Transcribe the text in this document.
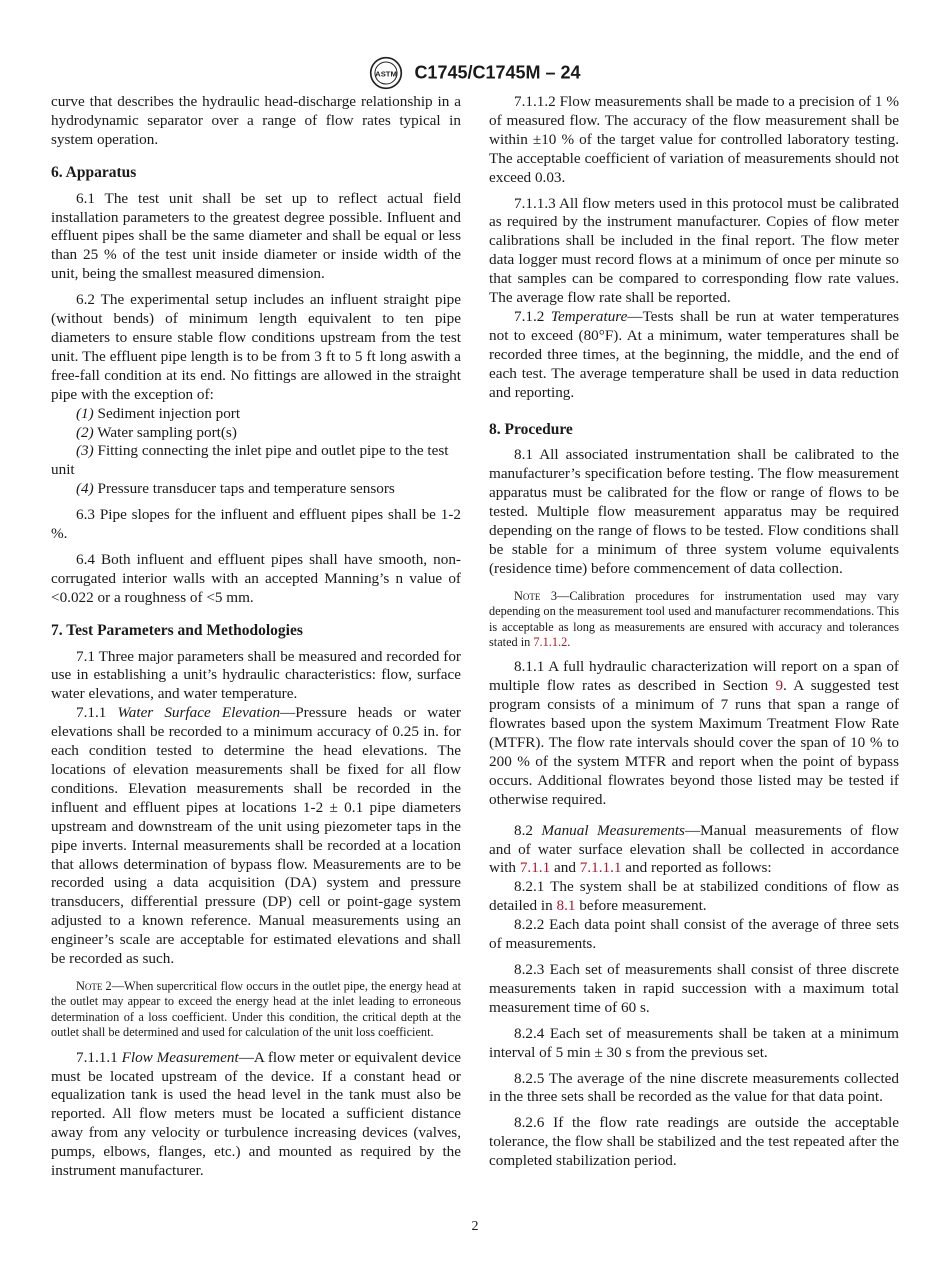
ASTM C1745/C1745M – 24

curve that describes the hydraulic head-discharge relationship in a hydrodynamic separator over a range of flow rates typical in system operation.

6. Apparatus

6.1 The test unit shall be set up to reflect actual field installation parameters to the greatest degree possible. Influent and effluent pipes shall be the same diameter and shall be equal or less than 25 % of the test unit inside diameter or inside width of the unit, being the smallest measured dimension.

6.2 The experimental setup includes an influent straight pipe (without bends) of minimum length equivalent to ten pipe diameters to ensure stable flow conditions upstream from the test unit. The effluent pipe length is to be from 3 ft to 5 ft long aswith a free-fall condition at its end. No fittings are allowed in the straight pipe with the exception of:

(1) Sediment injection port
(2) Water sampling port(s)
(3) Fitting connecting the inlet pipe and outlet pipe to the test unit
(4) Pressure transducer taps and temperature sensors

6.3 Pipe slopes for the influent and effluent pipes shall be 1-2 %.

6.4 Both influent and effluent pipes shall have smooth, non-corrugated interior walls with an accepted Manning’s n value of <0.022 or a roughness of <5 mm.

7. Test Parameters and Methodologies

7.1 Three major parameters shall be measured and recorded for use in establishing a unit’s hydraulic characteristics: flow, surface water elevations, and water temperature.

7.1.1 Water Surface Elevation—Pressure heads or water elevations shall be recorded to a minimum accuracy of 0.25 in. for each condition tested to determine the head elevations. The locations of elevation measurements shall be fixed for all flow conditions. Elevation measurements shall be recorded in the influent and effluent pipes at locations 1-2 ± 0.1 pipe diameters upstream and downstream of the unit using piezometer taps in the pipe inverts. Internal measurements shall be recorded at a location that allows determination of bypass flow. Measurements are to be recorded using a data acquisition (DA) system and pressure transducers, differential pressure (DP) cell or point-gage system adjusted to a known reference. Manual measurements using an engineer’s scale are acceptable for estimated elevations and shall be recorded as such.

Note 2—When supercritical flow occurs in the outlet pipe, the energy head at the outlet may appear to exceed the energy head at the inlet leading to erroneous determination of a loss coefficient. Under this condition, the critical depth at the outlet shall be determined and used for calculation of the unit loss coefficient.

7.1.1.1 Flow Measurement—A flow meter or equivalent device must be located upstream of the device. If a constant head or equalization tank is used the head level in the tank must also be reported. All flow meters must be located a sufficient distance away from any velocity or turbulence increasing devices (valves, pumps, elbows, flanges, etc.) and mounted as required by the instrument manufacturer.

7.1.1.2 Flow measurements shall be made to a precision of 1 % of measured flow. The accuracy of the flow measurement shall be within ±10 % of the target value for controlled laboratory testing. The acceptable coefficient of variation of measurements should not exceed 0.03.

7.1.1.3 All flow meters used in this protocol must be calibrated as required by the instrument manufacturer. Copies of flow meter calibrations shall be included in the final report. The flow meter data logger must record flows at a minimum of once per minute so that samples can be compared to corresponding flow rate values. The average flow rate shall be reported.

7.1.2 Temperature—Tests shall be run at water temperatures not to exceed (80°F). At a minimum, water temperatures shall be recorded three times, at the beginning, the middle, and the end of each test. The average temperature shall be used in data reduction and reporting.

8. Procedure

8.1 All associated instrumentation shall be calibrated to the manufacturer’s specification before testing. The flow measurement apparatus must be calibrated for the flow or range of flows to be tested. Multiple flow measurement apparatus may be required depending on the range of flows to be tested. Flow conditions shall be stable for a minimum of three system volume equivalents (residence time) before commencement of data collection.

Note 3—Calibration procedures for instrumentation used may vary depending on the measurement tool used and manufacturer recommendations. This is acceptable as long as measurements are ensured with accuracy and tolerances stated in 7.1.1.2.

8.1.1 A full hydraulic characterization will report on a span of multiple flow rates as described in Section 9. A suggested test program consists of a minimum of 7 runs that span a range of flowrates based upon the system Maximum Treatment Flow Rate (MTFR). The flow rate intervals should cover the span of 10 % to 200 % of the system MTFR and report when the point of bypass occurs. Additional flowrates beyond those listed may be tested if otherwise required.

8.2 Manual Measurements—Manual measurements of flow and of water surface elevation shall be collected in accordance with 7.1.1 and 7.1.1.1 and reported as follows:

8.2.1 The system shall be at stabilized conditions of flow as detailed in 8.1 before measurement.

8.2.2 Each data point shall consist of the average of three sets of measurements.

8.2.3 Each set of measurements shall consist of three discrete measurements taken in rapid succession with a maximum total measurement time of 60 s.

8.2.4 Each set of measurements shall be taken at a minimum interval of 5 min ± 30 s from the previous set.

8.2.5 The average of the nine discrete measurements collected in the three sets shall be recorded as the value for that data point.

8.2.6 If the flow rate readings are outside the acceptable tolerance, the flow shall be stabilized and the test repeated after the completed stabilization period.

2
